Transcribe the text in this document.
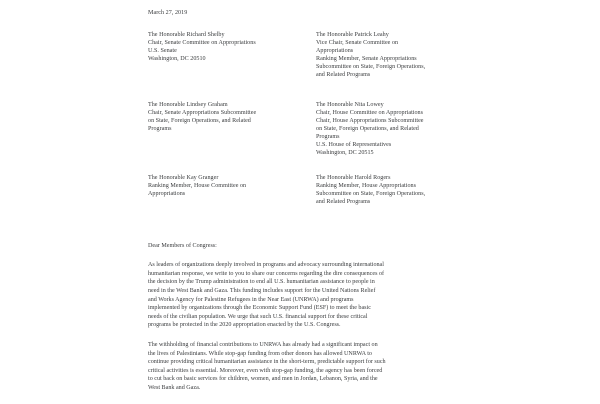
March 27, 2019
The Honorable Richard Shelby
Chair, Senate Committee on Appropriations
U.S. Senate
Washington, DC 20510
The Honorable Patrick Leahy
Vice Chair, Senate Committee on
Appropriations
Ranking Member, Senate Appropriations
Subcommittee on State, Foreign Operations,
and Related Programs
The Honorable Lindsey Graham
Chair, Senate Appropriations Subcommittee
on State, Foreign Operations, and Related
Programs
The Honorable Nita Lowey
Chair, House Committee on Appropriations
Chair, House Appropriations Subcommittee
on State, Foreign Operations, and Related
Programs
U.S. House of Representatives
Washington, DC 20515
The Honorable Kay Granger
Ranking Member, House Committee on
Appropriations
The Honorable Harold Rogers
Ranking Member, House Appropriations
Subcommittee on State, Foreign Operations,
and Related Programs
Dear Members of Congress:
As leaders of organizations deeply involved in programs and advocacy surrounding international
humanitarian response, we write to you to share our concerns regarding the dire consequences of
the decision by the Trump administration to end all U.S. humanitarian assistance to people in
need in the West Bank and Gaza. This funding includes support for the United Nations Relief
and Works Agency for Palestine Refugees in the Near East (UNRWA) and programs
implemented by organizations through the Economic Support Fund (ESF) to meet the basic
needs of the civilian population. We urge that such U.S. financial support for these critical
programs be protected in the 2020 appropriation enacted by the U.S. Congress.
The withholding of financial contributions to UNRWA has already had a significant impact on
the lives of Palestinians. While stop-gap funding from other donors has allowed UNRWA to
continue providing critical humanitarian assistance in the short-term, predictable support for such
critical activities is essential. Moreover, even with stop-gap funding, the agency has been forced
to cut back on basic services for children, women, and men in Jordan, Lebanon, Syria, and the
West Bank and Gaza.
